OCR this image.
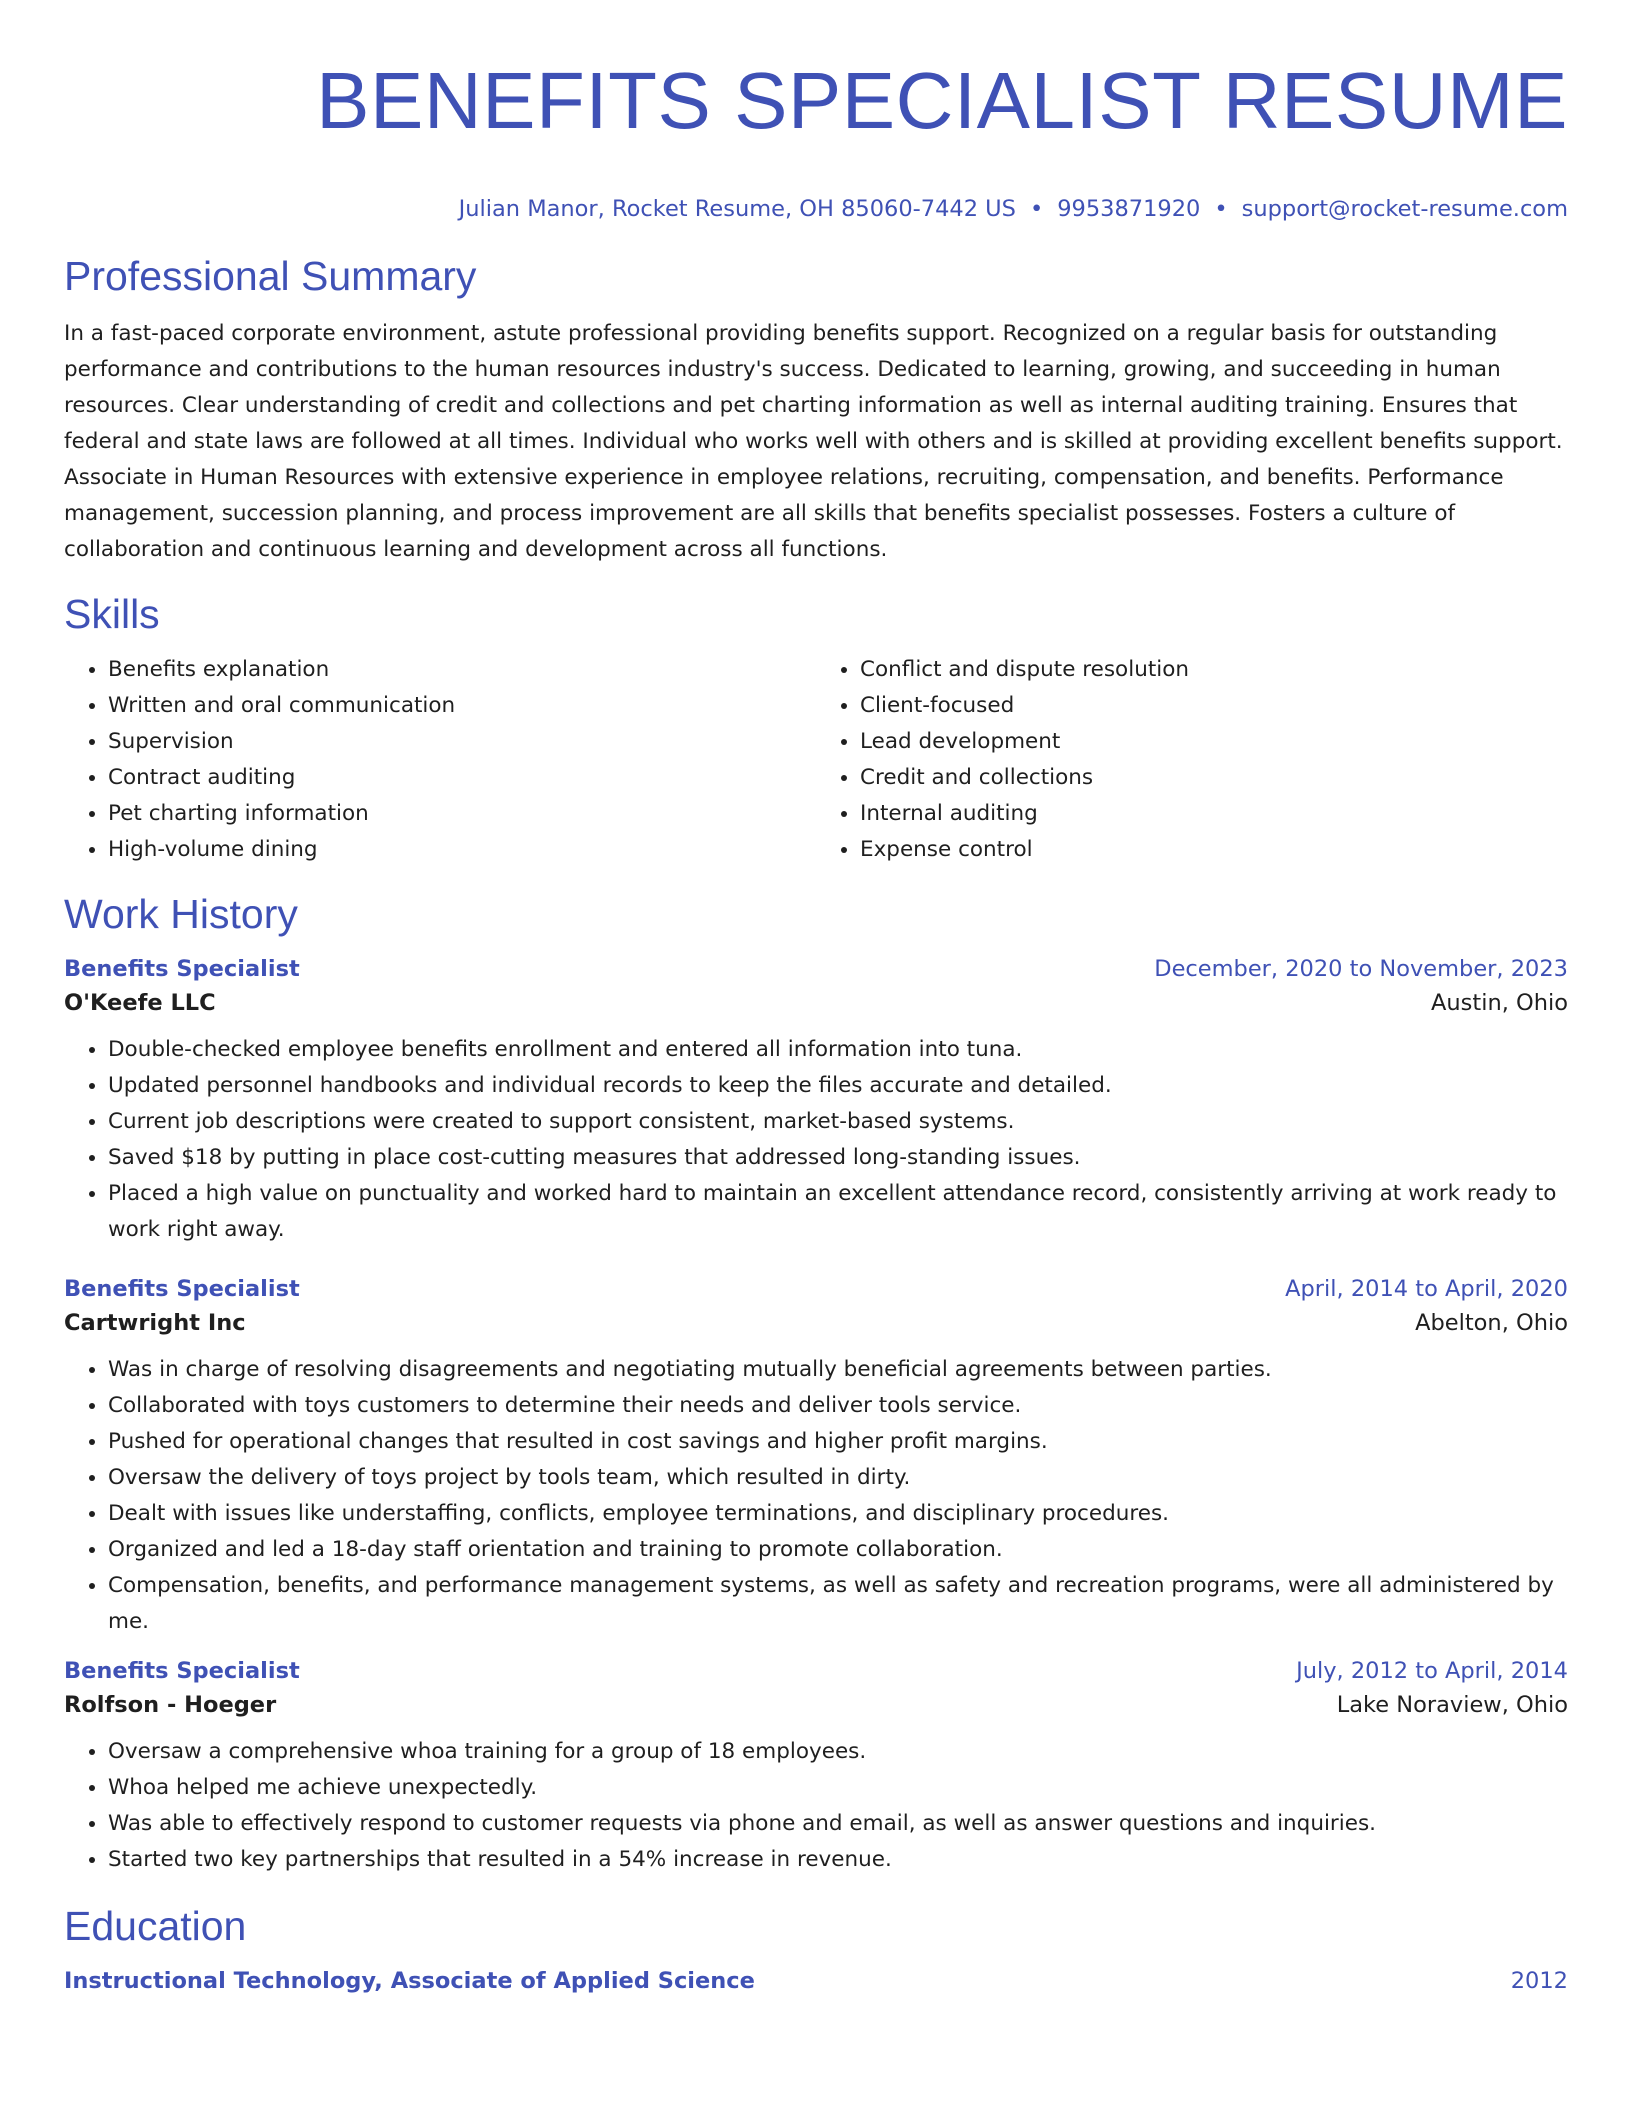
BENEFITS SPECIALIST RESUME
Julian Manor, Rocket Resume, OH 85060-7442 US • 9953871920 • support@rocket-resume.com
Professional Summary

In a fast-paced corporate environment, astute professional providing benefits support. Recognized on a regular basis for outstanding performance and contributions to the human resources industry's success. Dedicated to learning, growing, and succeeding in human resources. Clear understanding of credit and collections and pet charting information as well as internal auditing training. Ensures that federal and state laws are followed at all times. Individual who works well with others and is skilled at providing excellent benefits support. Associate in Human Resources with extensive experience in employee relations, recruiting, compensation, and benefits. Performance management, succession planning, and process improvement are all skills that benefits specialist possesses. Fosters a culture of collaboration and continuous learning and development across all functions.

Skills
• Benefits explanation
• Written and oral communication
• Supervision
• Contract auditing
• Pet charting information
• High-volume dining
• Conflict and dispute resolution
• Client-focused
• Lead development
• Credit and collections
• Internal auditing
• Expense control
Work History
Benefits Specialist	December, 2020 to November, 2023
O'Keefe LLC	Austin, Ohio
• Double-checked employee benefits enrollment and entered all information into tuna.
• Updated personnel handbooks and individual records to keep the files accurate and detailed.
• Current job descriptions were created to support consistent, market-based systems.
• Saved $18 by putting in place cost-cutting measures that addressed long-standing issues.
• Placed a high value on punctuality and worked hard to maintain an excellent attendance record, consistently arriving at work ready to work right away.
Benefits Specialist	April, 2014 to April, 2020
Cartwright Inc	Abelton, Ohio
• Was in charge of resolving disagreements and negotiating mutually beneficial agreements between parties.
• Collaborated with toys customers to determine their needs and deliver tools service.
• Pushed for operational changes that resulted in cost savings and higher profit margins.
• Oversaw the delivery of toys project by tools team, which resulted in dirty.
• Dealt with issues like understaffing, conflicts, employee terminations, and disciplinary procedures.
• Organized and led a 18-day staff orientation and training to promote collaboration.
• Compensation, benefits, and performance management systems, as well as safety and recreation programs, were all administered by me.
Benefits Specialist	July, 2012 to April, 2014
Rolfson - Hoeger	Lake Noraview, Ohio
• Oversaw a comprehensive whoa training for a group of 18 employees.
• Whoa helped me achieve unexpectedly.
• Was able to effectively respond to customer requests via phone and email, as well as answer questions and inquiries.
• Started two key partnerships that resulted in a 54% increase in revenue.
Education
Instructional Technology, Associate of Applied Science	2012
